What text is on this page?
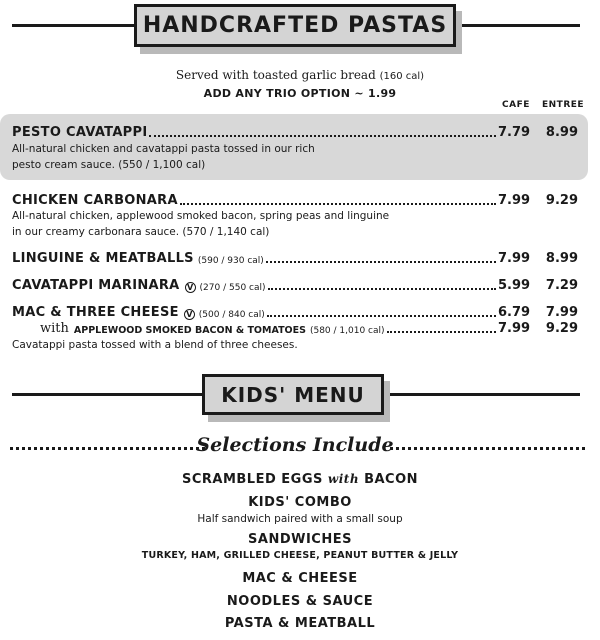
HANDCRAFTED PASTAS
Served with toasted garlic bread (160 cal)
ADD ANY TRIO OPTION ~ 1.99
CAFE ENTREE
PESTO CAVATAPPI	7.79	8.99
All-natural chicken and cavatappi pasta tossed in our rich
pesto cream sauce. (550 / 1,100 cal)
CHICKEN CARBONARA	7.99	9.29
All-natural chicken, applewood smoked bacon, spring peas and linguine
in our creamy carbonara sauce. (570 / 1,140 cal)
LINGUINE & MEATBALLS (590 / 930 cal)	7.99	8.99
CAVATAPPI MARINARA V (270 / 550 cal)	5.99	7.29
MAC & THREE CHEESE V (500 / 840 cal)	6.79	7.99
with APPLEWOOD SMOKED BACON & TOMATOES (580 / 1,010 cal)	7.99	9.29
Cavatappi pasta tossed with a blend of three cheeses.
KIDS' MENU
Selections Include
SCRAMBLED EGGS with BACON
KIDS' COMBO
Half sandwich paired with a small soup
SANDWICHES
TURKEY, HAM, GRILLED CHEESE, PEANUT BUTTER & JELLY
MAC & CHEESE
NOODLES & SAUCE
PASTA & MEATBALL
